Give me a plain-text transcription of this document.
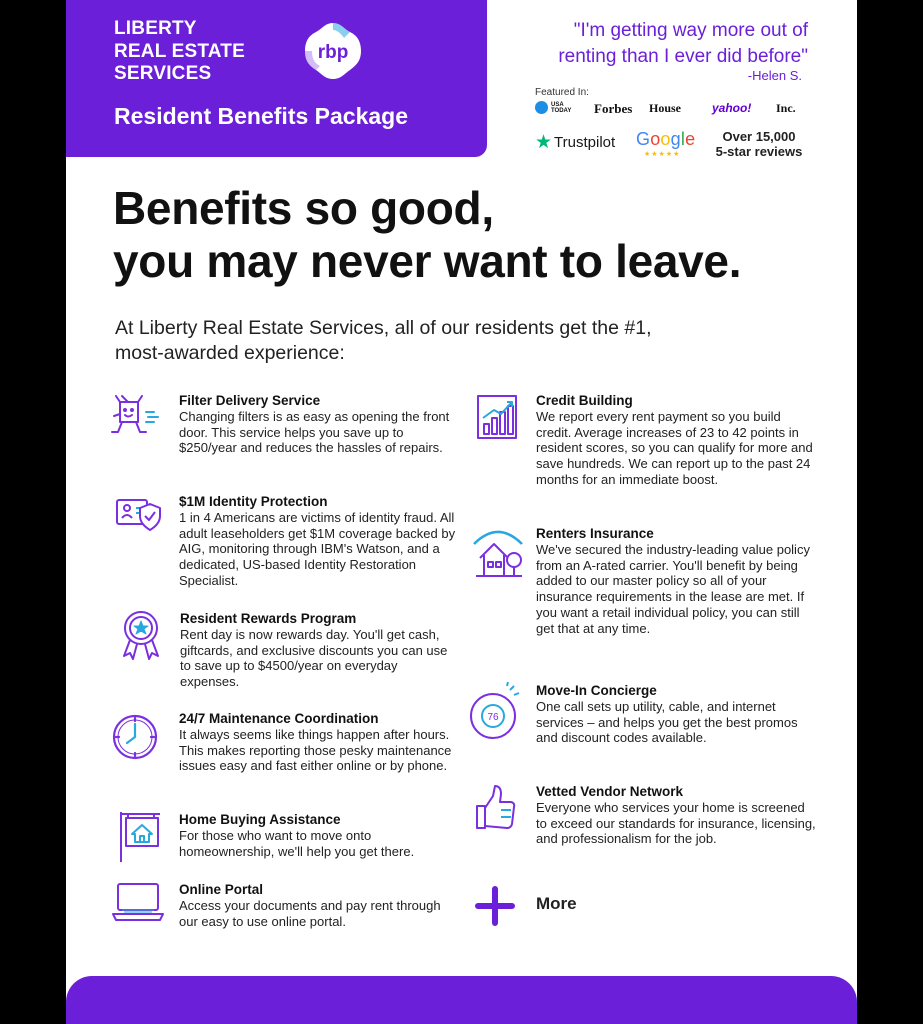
LIBERTY
REAL ESTATE
SERVICES
rbp
Resident Benefits Package
"I'm getting way more out of
renting than I ever did before"
-Helen S.
Featured In:
USA
TODAY Forbes House	yahoo! Inc.
★ Trustpilot Google
★★★★★
Over 15,000
5-star reviews
Benefits so good,
you may never want to leave.
At Liberty Real Estate Services, all of our residents get the #1,
most-awarded experience:
Filter Delivery Service
Changing filters is as easy as opening the front door. This service helps you save up to $250/year and reduces the hassles of repairs.
$1M Identity Protection
1 in 4 Americans are victims of identity fraud. All adult leaseholders get $1M coverage backed by AIG, monitoring through IBM's Watson, and a dedicated, US-based Identity Restoration Specialist.
Resident Rewards Program
Rent day is now rewards day. You'll get cash, giftcards, and exclusive discounts you can use to save up to $4500/year on everyday expenses.
24/7 Maintenance Coordination
It always seems like things happen after hours. This makes reporting those pesky maintenance issues easy and fast either online or by phone.
Home Buying Assistance
For those who want to move onto homeownership, we'll help you get there.
Online Portal
Access your documents and pay rent through our easy to use online portal.
Credit Building
We report every rent payment so you build credit. Average increases of 23 to 42 points in resident scores, so you can qualify for more and save hundreds. We can report up to the past 24 months for an immediate boost.
Renters Insurance
We've secured the industry-leading value policy from an A-rated carrier. You'll benefit by being added to our master policy so all of your insurance requirements in the lease are met. If you want a retail individual policy, you can still get that at any time.
76
Move-In Concierge
One call sets up utility, cable, and internet services – and helps you get the best promos and discount codes available.
Vetted Vendor Network
Everyone who services your home is screened to exceed our standards for insurance, licensing, and professionalism for the job.
More
